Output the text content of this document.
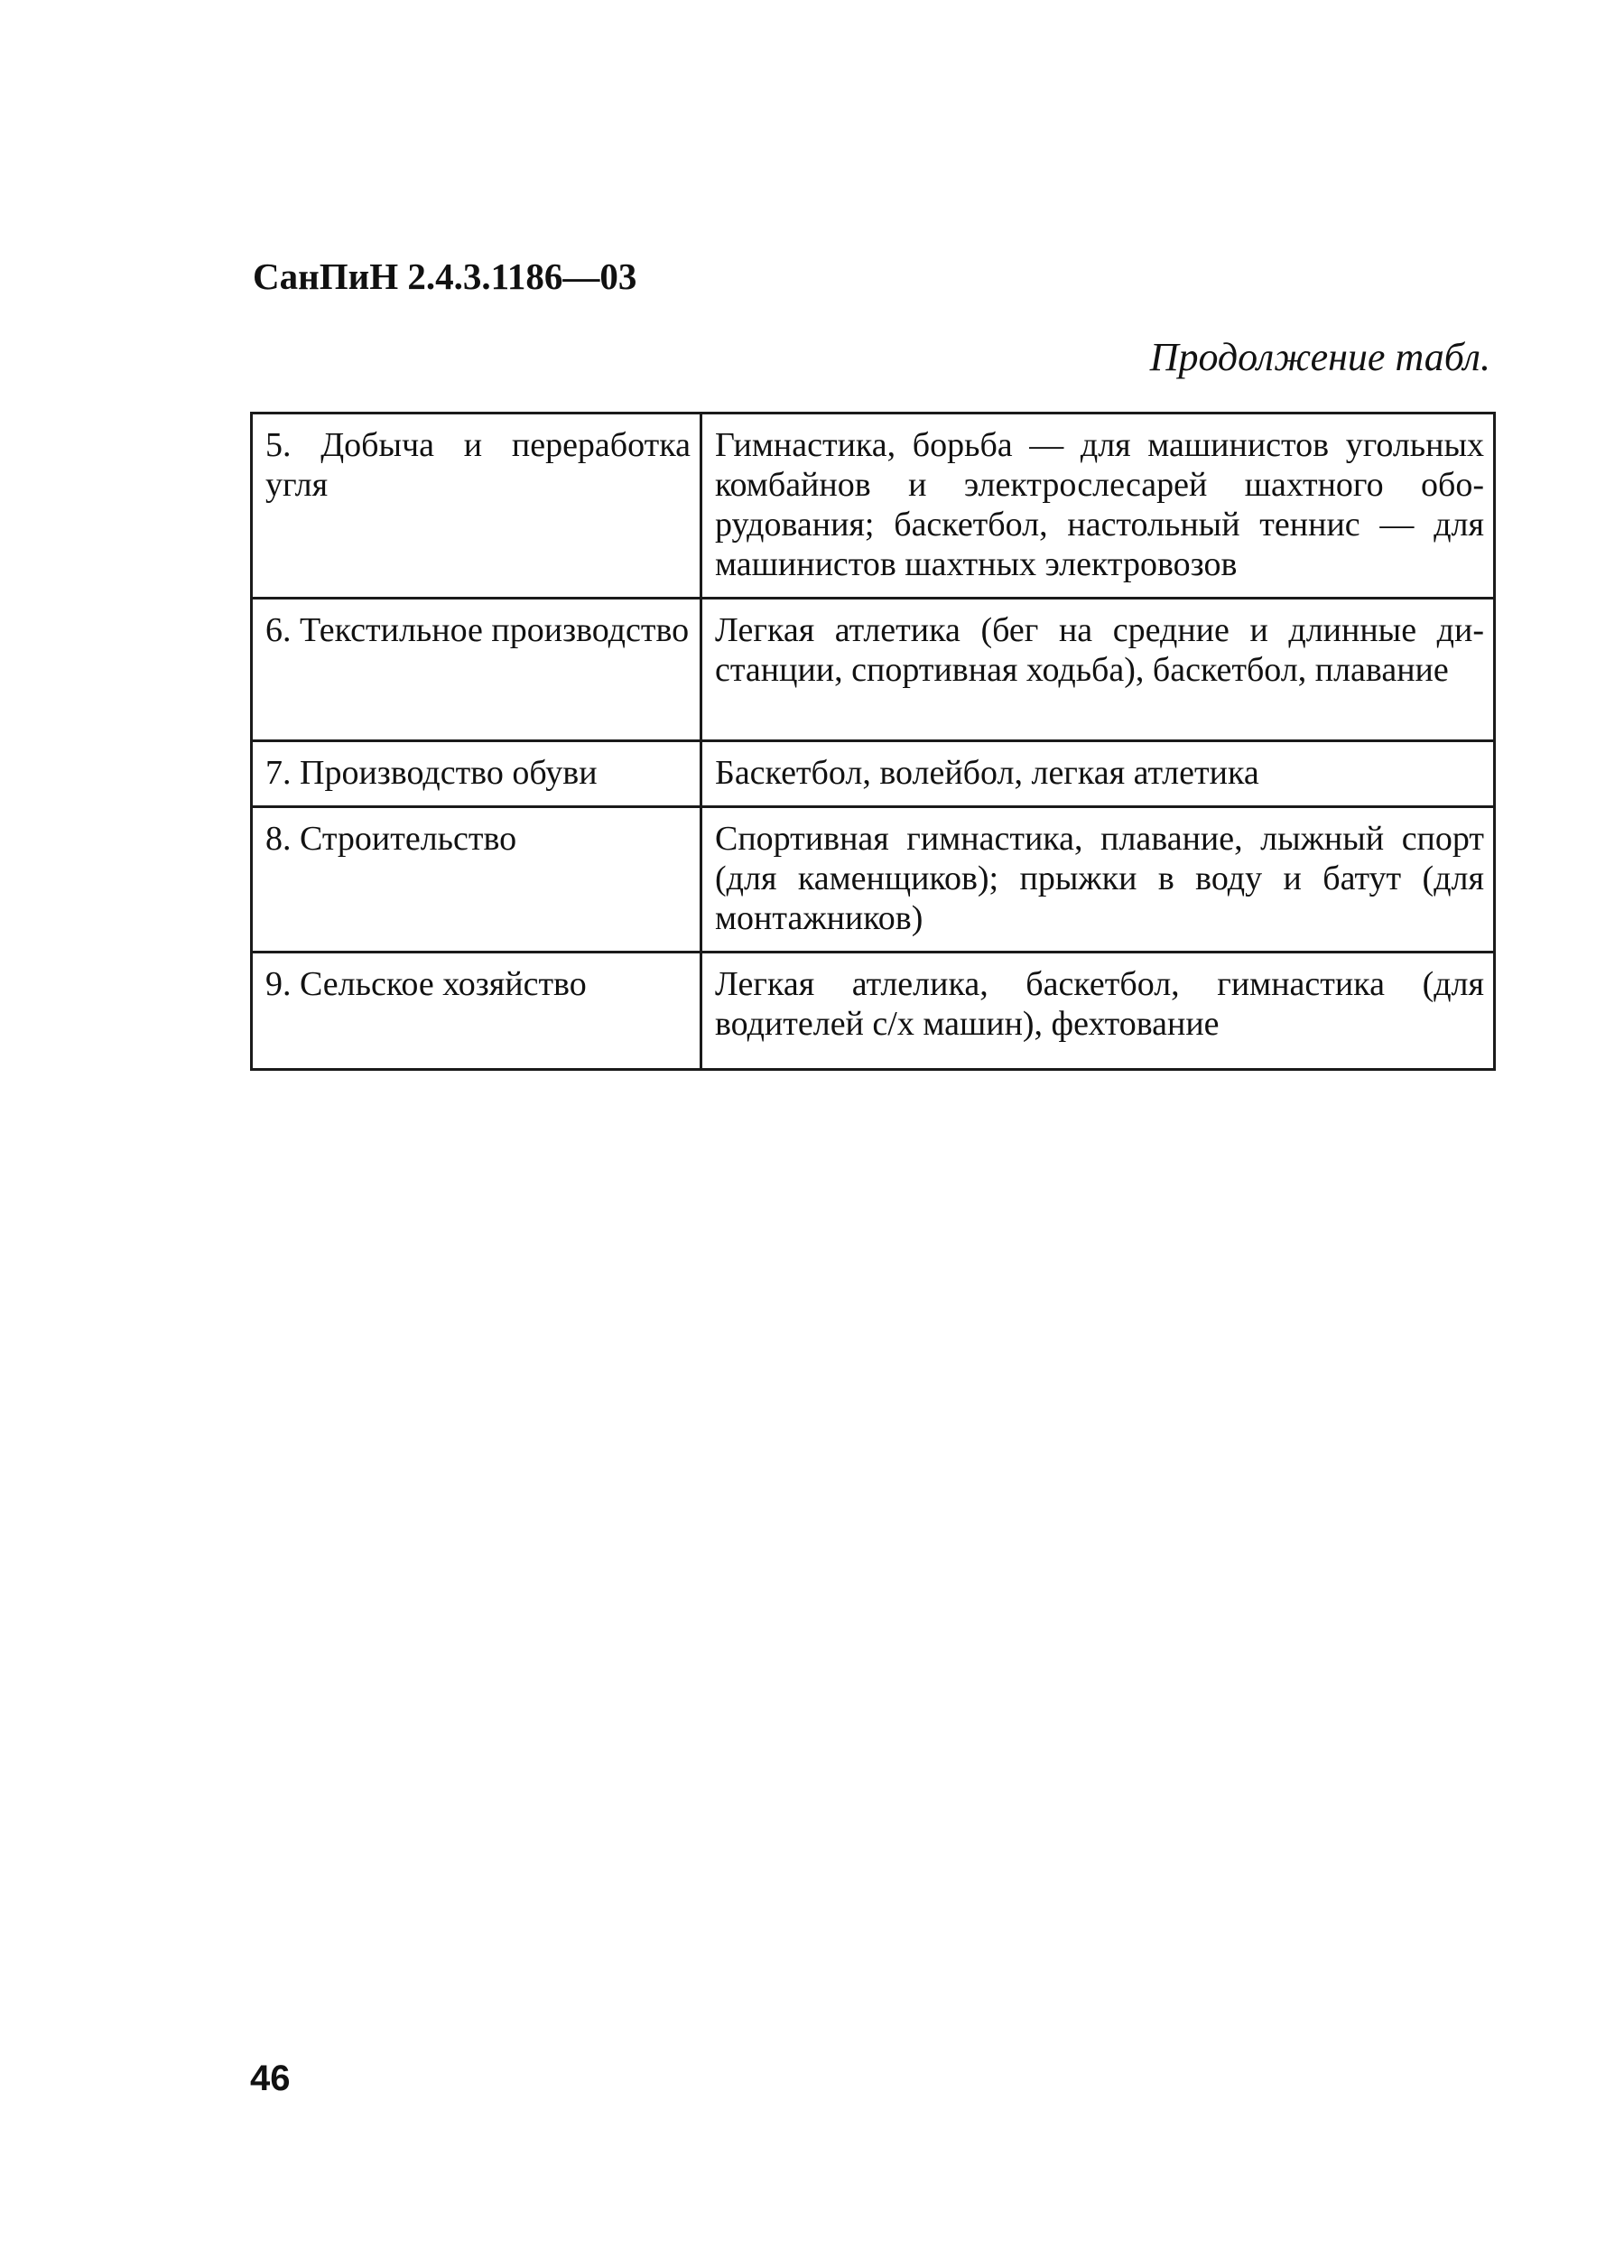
СанПиН 2.4.3.1186—03
Продолжение табл.
5. Добыча и переработка угля	Гимнастика, борьба — для машинистов угольных комбайнов и электрослесарей шахтного оборудования; баскетбол, настольный теннис — для машинистов шахтных электровозов
6. Текстильное производство	Легкая атлетика (бег на средние и длинные дистанции, спортивная ходьба), баскетбол, плавание
7. Производство обуви	Баскетбол, волейбол, легкая атлетика
8. Строительство	Спортивная гимнастика, плавание, лыжный спорт (для каменщиков); прыжки в воду и батут (для монтажников)
9. Сельское хозяйство	Легкая атлелика, баскетбол, гимнастика (для водителей с/х машин), фехтование
46
